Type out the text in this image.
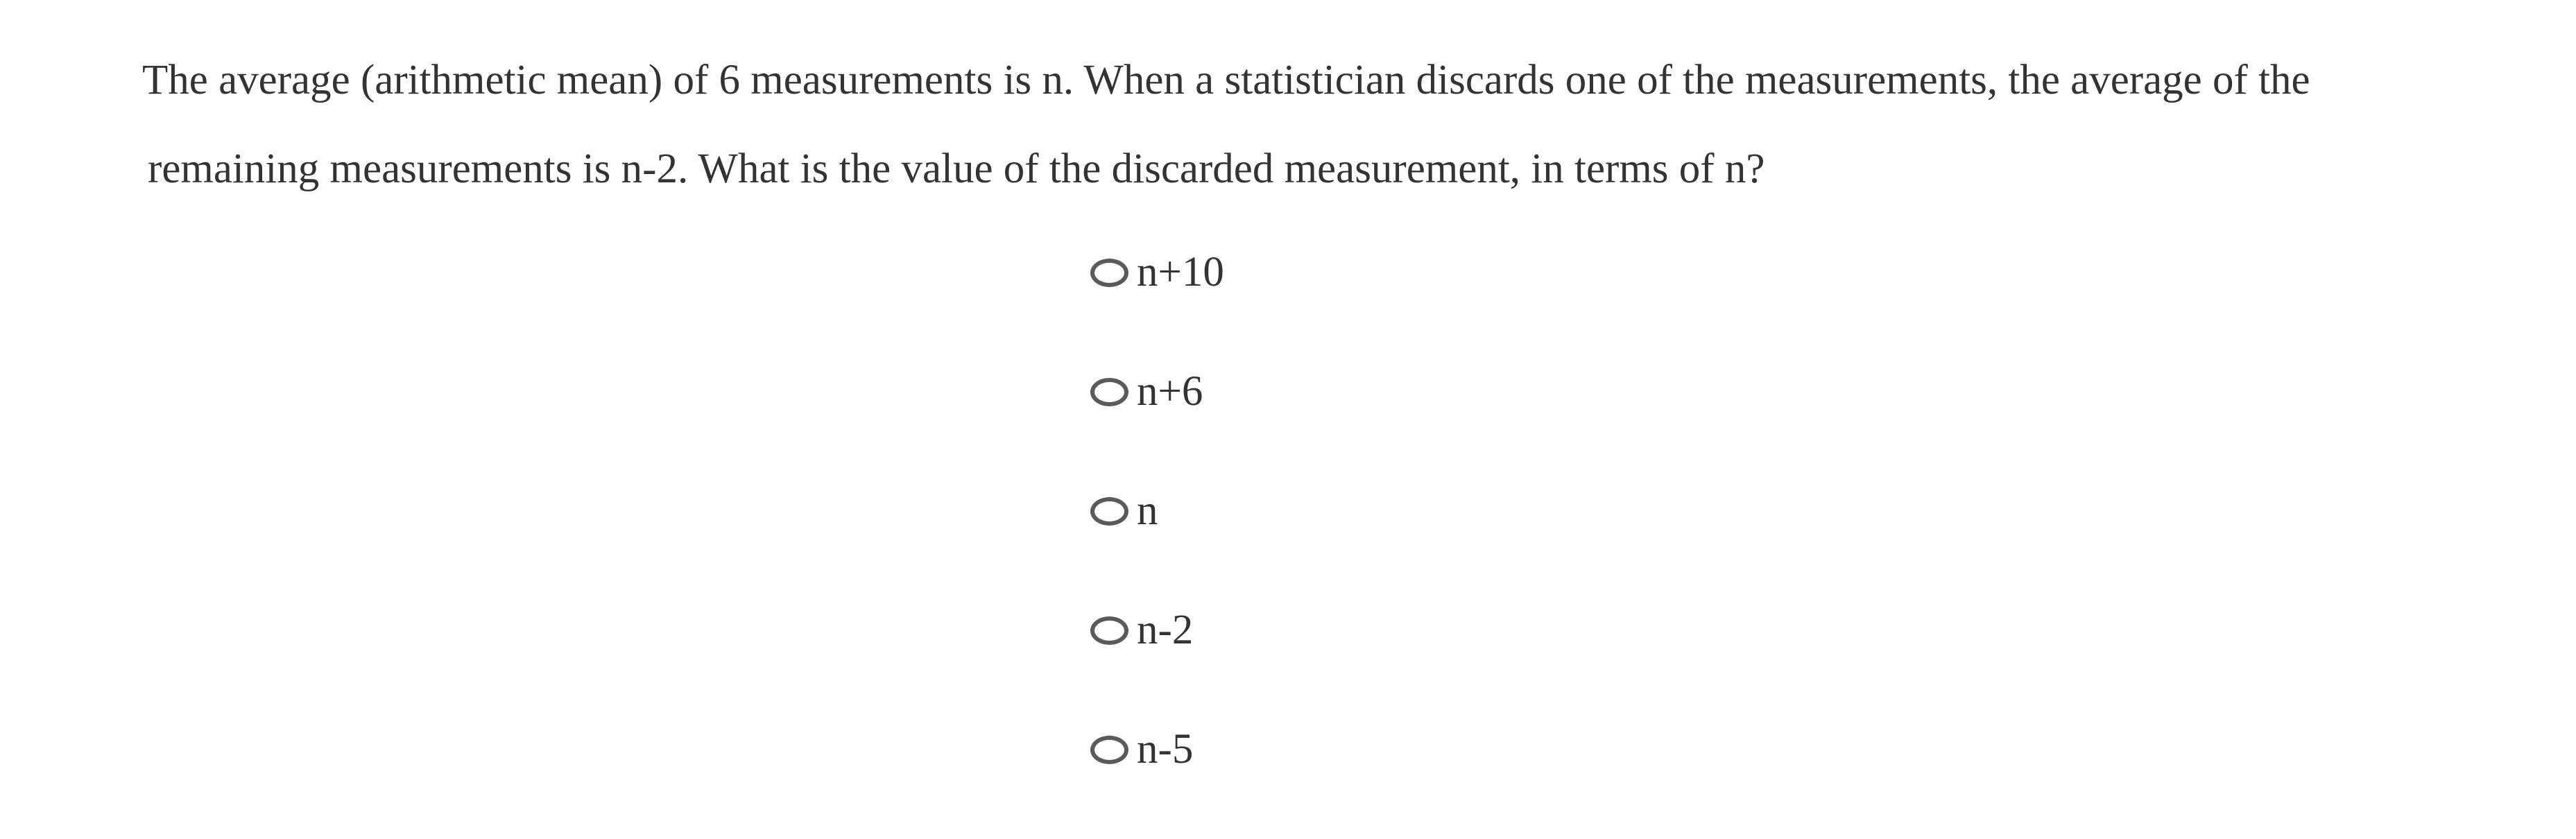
The average (arithmetic mean) of 6 measurements is n. When a statistician discards one of the measurements, the average of the
remaining measurements is n-2. What is the value of the discarded measurement, in terms of n?
n+10
n+6
n
n-2
n-5
